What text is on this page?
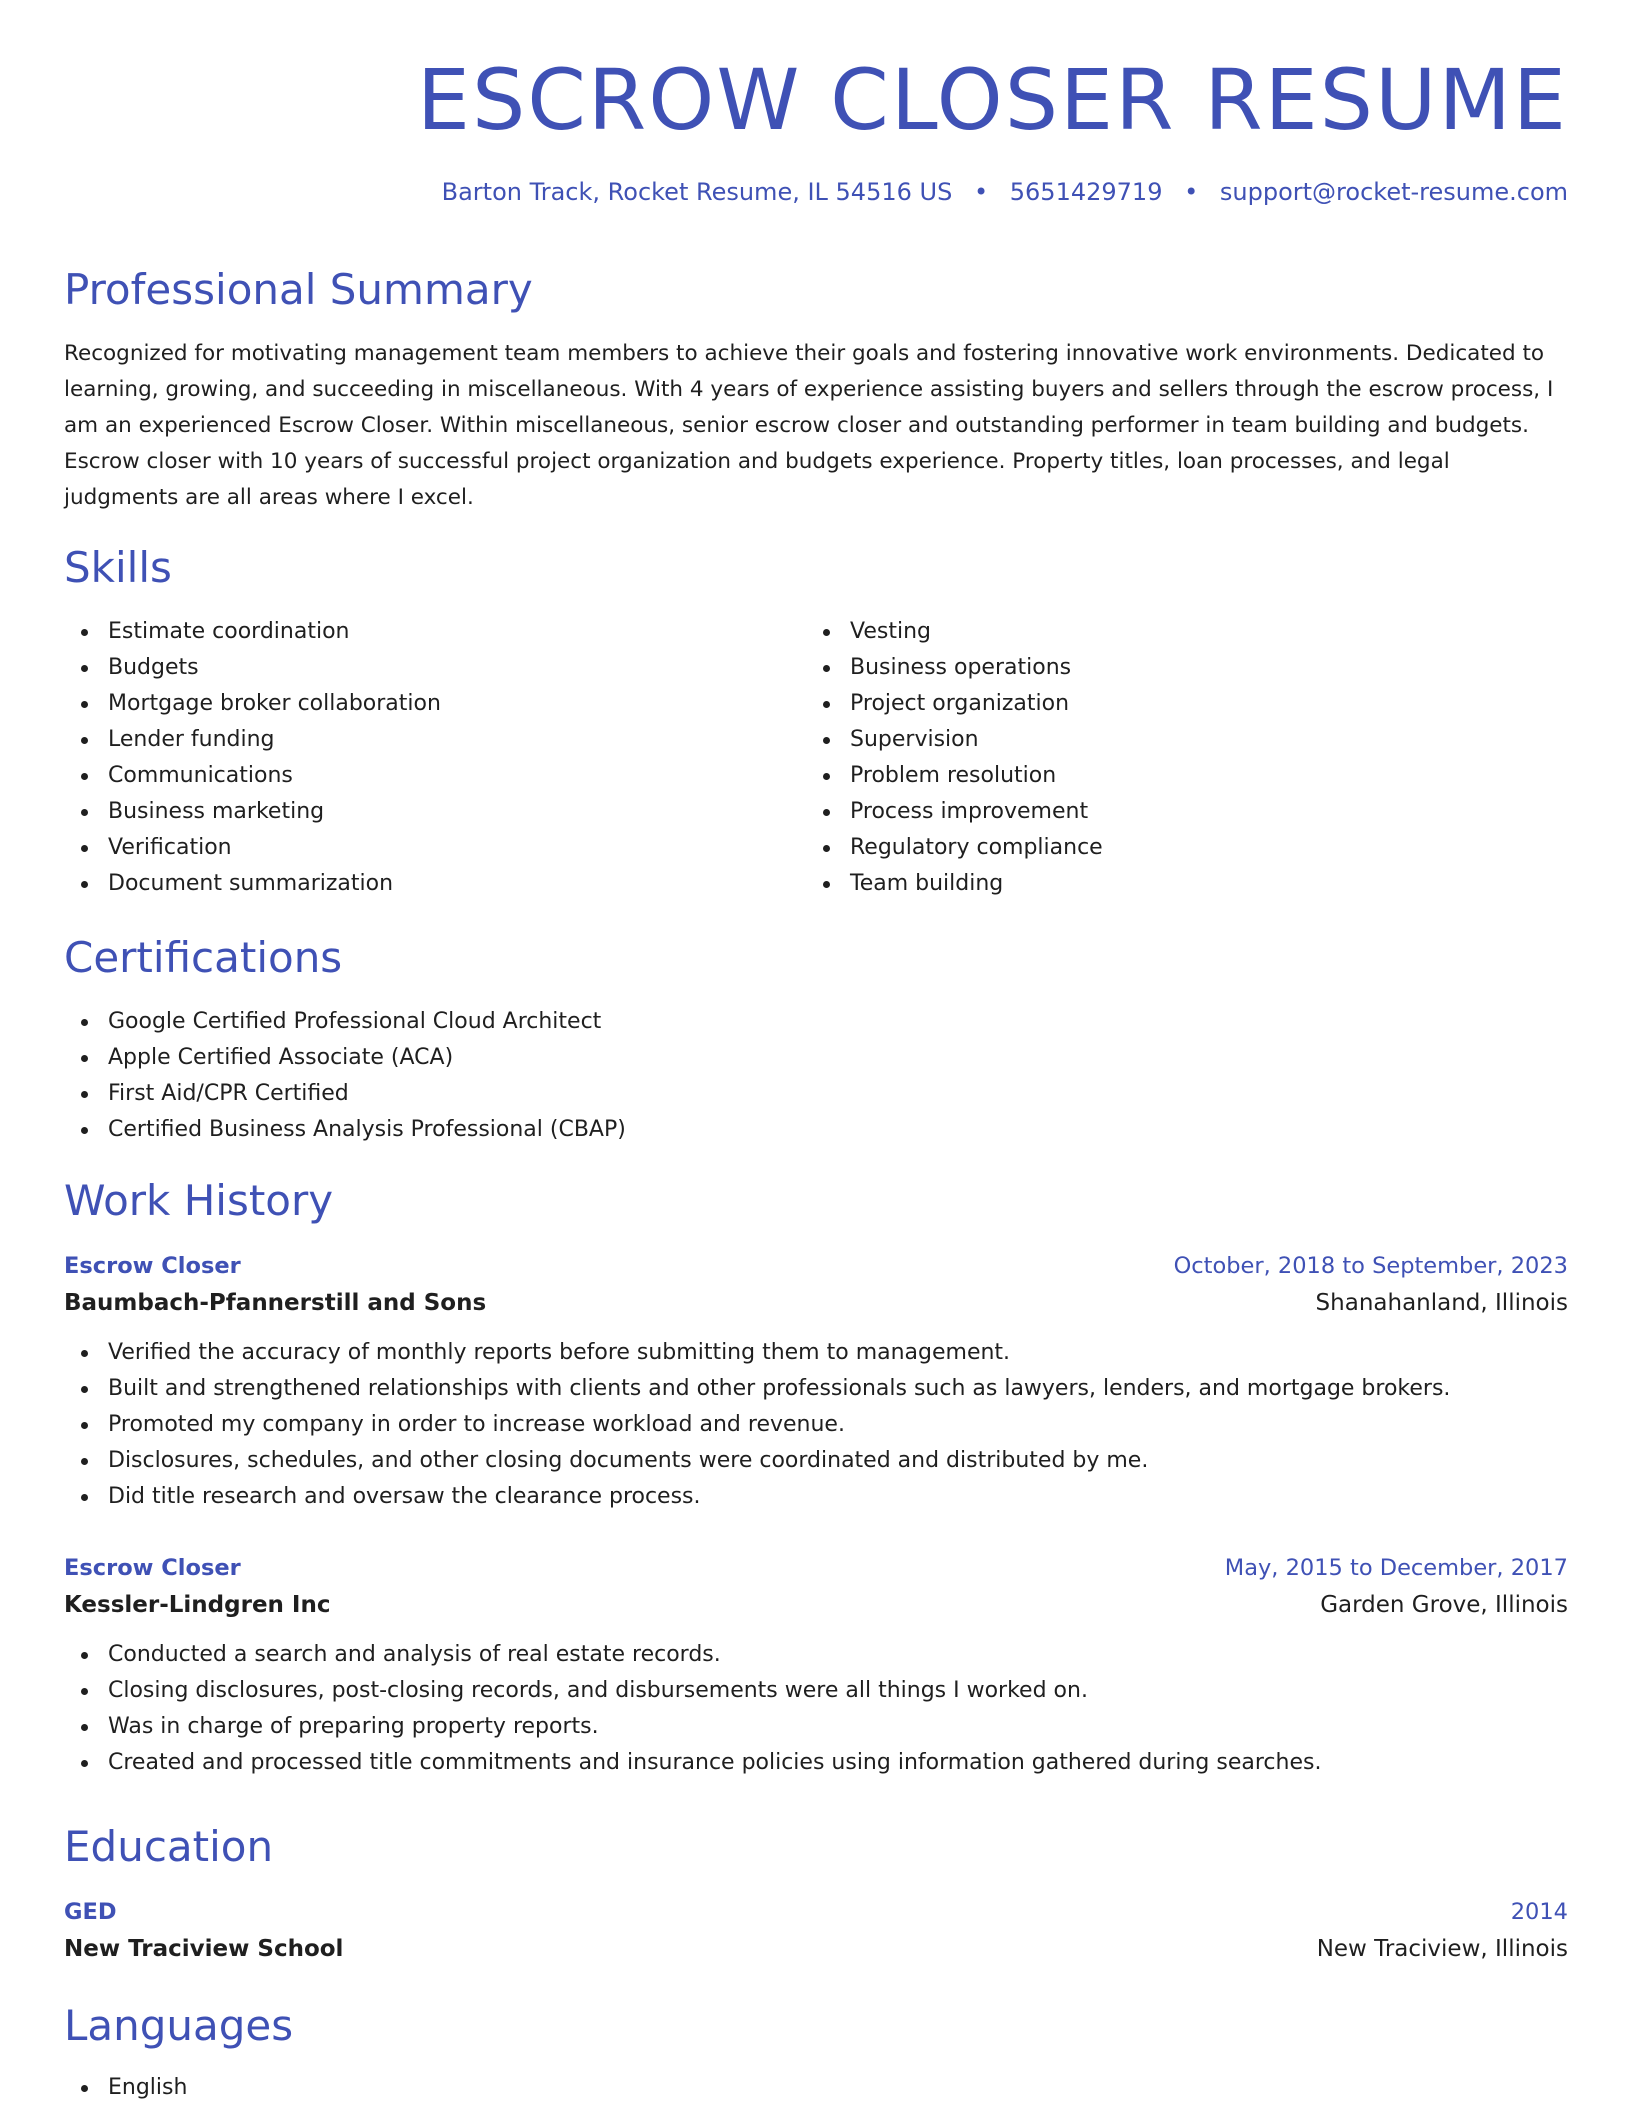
ESCROW CLOSER RESUME
Barton Track, Rocket Resume, IL 54516 US • 5651429719 • support@rocket-resume.com
Professional Summary

Recognized for motivating management team members to achieve their goals and fostering innovative work environments. Dedicated to learning, growing, and succeeding in miscellaneous. With 4 years of experience assisting buyers and sellers through the escrow process, I am an experienced Escrow Closer. Within miscellaneous, senior escrow closer and outstanding performer in team building and budgets. Escrow closer with 10 years of successful project organization and budgets experience. Property titles, loan processes, and legal judgments are all areas where I excel.

Skills
Estimate coordination
Budgets
Mortgage broker collaboration
Lender funding
Communications
Business marketing
Verification
Document summarization
Vesting
Business operations
Project organization
Supervision
Problem resolution
Process improvement
Regulatory compliance
Team building
Certifications
Google Certified Professional Cloud Architect
Apple Certified Associate (ACA)
First Aid/CPR Certified
Certified Business Analysis Professional (CBAP)
Work History
Escrow Closer	October, 2018 to September, 2023
Baumbach-Pfannerstill and Sons	Shanahanland, Illinois
Verified the accuracy of monthly reports before submitting them to management.
Built and strengthened relationships with clients and other professionals such as lawyers, lenders, and mortgage brokers.
Promoted my company in order to increase workload and revenue.
Disclosures, schedules, and other closing documents were coordinated and distributed by me.
Did title research and oversaw the clearance process.
Escrow Closer	May, 2015 to December, 2017
Kessler-Lindgren Inc	Garden Grove, Illinois
Conducted a search and analysis of real estate records.
Closing disclosures, post-closing records, and disbursements were all things I worked on.
Was in charge of preparing property reports.
Created and processed title commitments and insurance policies using information gathered during searches.
Education
GED	2014
New Traciview School	New Traciview, Illinois
Languages
English
